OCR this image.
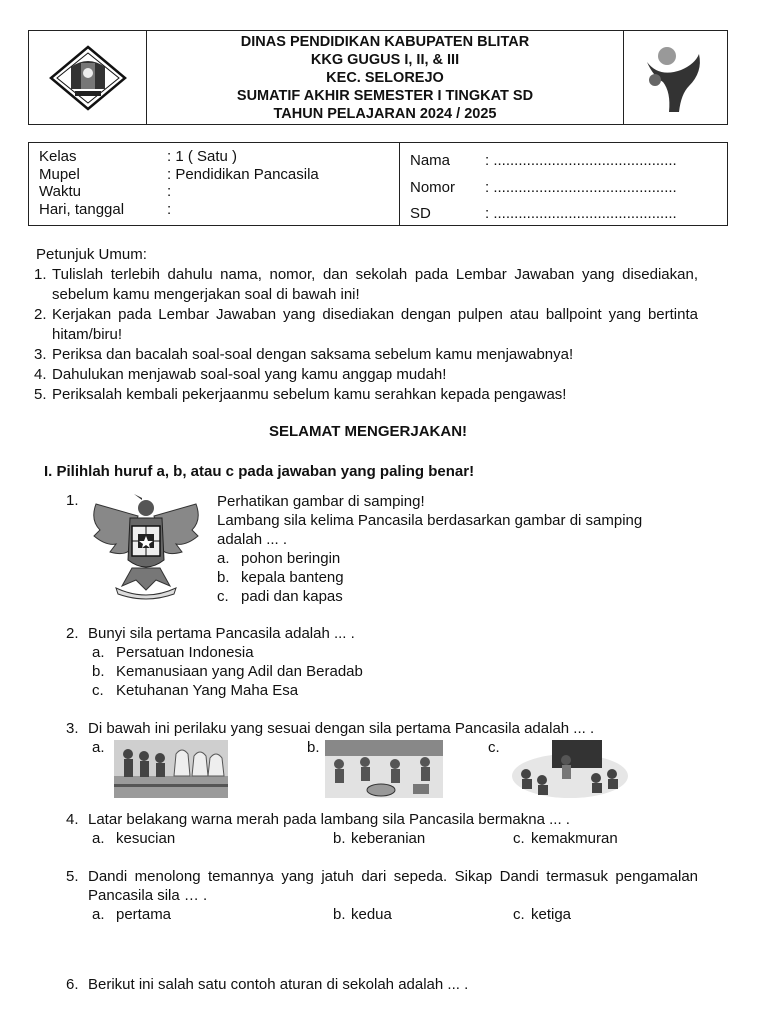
DINAS PENDIDIKAN KABUPATEN BLITAR
KKG GUGUS I, II, & III
KEC. SELOREJO
SUMATIF AKHIR SEMESTER I TINGKAT SD
TAHUN PELAJARAN 2024 / 2025
Kelas	: 1 ( Satu )
Mupel	: Pendidikan Pancasila
Waktu	:
Hari, tanggal	:
Nama	: ............................................
Nomor	: ............................................
SD	: ............................................
Petunjuk Umum:
1. Tulislah terlebih dahulu nama, nomor, dan sekolah pada Lembar Jawaban yang disediakan, sebelum kamu mengerjakan soal di bawah ini!
2. Kerjakan pada Lembar Jawaban yang disediakan dengan pulpen atau ballpoint yang bertinta hitam/biru!
3. Periksa dan bacalah soal-soal dengan saksama sebelum kamu menjawabnya!
4. Dahulukan menjawab soal-soal yang kamu anggap mudah!
5. Periksalah kembali pekerjaanmu sebelum kamu serahkan kepada pengawas!
SELAMAT MENGERJAKAN!
I. Pilihlah huruf a, b, atau c pada jawaban yang paling benar!
1.	Perhatikan gambar di samping!
Lambang sila kelima Pancasila berdasarkan gambar di samping adalah ... .
a. pohon beringin
b. kepala banteng
c. padi dan kapas
2. Bunyi sila pertama Pancasila adalah ... .
a. Persatuan Indonesia
b. Kemanusiaan yang Adil dan Beradab
c. Ketuhanan Yang Maha Esa
3. Di bawah ini perilaku yang sesuai dengan sila pertama Pancasila adalah ... .
a.	b.	c.
4. Latar belakang warna merah pada lambang sila Pancasila bermakna ... .
a. kesucian	b. keberanian	c. kemakmuran
5. Dandi menolong temannya yang jatuh dari sepeda. Sikap Dandi termasuk pengamalan Pancasila sila … .
a. pertama	b. kedua	c. ketiga
6. Berikut ini salah satu contoh aturan di sekolah adalah ... .
